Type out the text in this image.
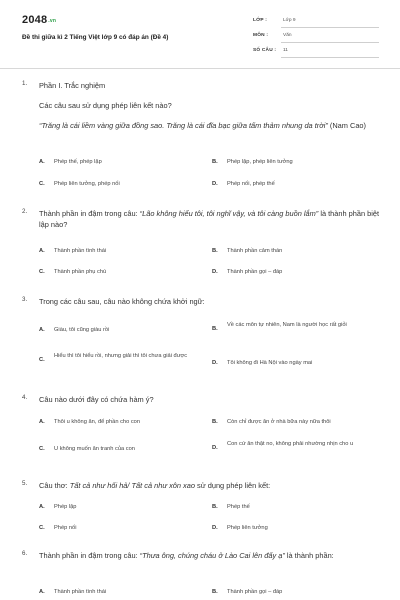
2048.vn
Đề thi giữa kì 2 Tiếng Việt lớp 9 có đáp án (Đề 4)
LỚP :	Lớp 9
MÔN :	Văn
SỐ CÂU : 11
1. Phần I. Trắc nghiệm
Các câu sau sử dụng phép liên kết nào?
“Trăng là cái liềm vàng giữa đồng sao. Trăng là cái đĩa bạc giữa tấm thảm nhung da trời” (Nam Cao)
A. Phép thế, phép lặp	B. Phép lặp, phép liên tưởng
C. Phép liên tưởng, phép nối	D. Phép nối, phép thế
2. Thành phần in đậm trong câu: “Lão không hiểu tôi, tôi nghĩ vậy, và tôi càng buồn lắm” là thành phần biệt lập nào?
A. Thành phần tình thái	B. Thành phần cảm thán
C. Thành phần phụ chú	D. Thành phần gọi – đáp
3. Trong các câu sau, câu nào không chứa khởi ngữ:
A. Giàu, tôi cũng giàu rồi	B.
Về các môn tự nhiên, Nam là người học rất giỏi
C.
Hiểu thì tôi hiểu rồi, nhưng giải thì tôi chưa giải được
D. Tôi không đi Hà Nội vào ngày mai
4. Câu nào dưới đây có chứa hàm ý?
A. Thôi u không ăn, để phần cho con	B. Còn chỉ được ăn ở nhà bữa này nữa thôi
C. U không muốn ăn tranh của con	D.
Con cứ ăn thật no, không phải nhường nhịn cho u
5. Câu thơ: Tất cả như hối hả/ Tất cả như xôn xao sử dụng phép liên kết:
A. Phép lặp	B. Phép thế
C. Phép nối	D. Phép liên tưởng
6. Thành phần in đậm trong câu: “Thưa ông, chúng cháu ở Lào Cai lên đấy ạ” là thành phần:
A. Thành phần tình thái	B. Thành phần gọi – đáp
